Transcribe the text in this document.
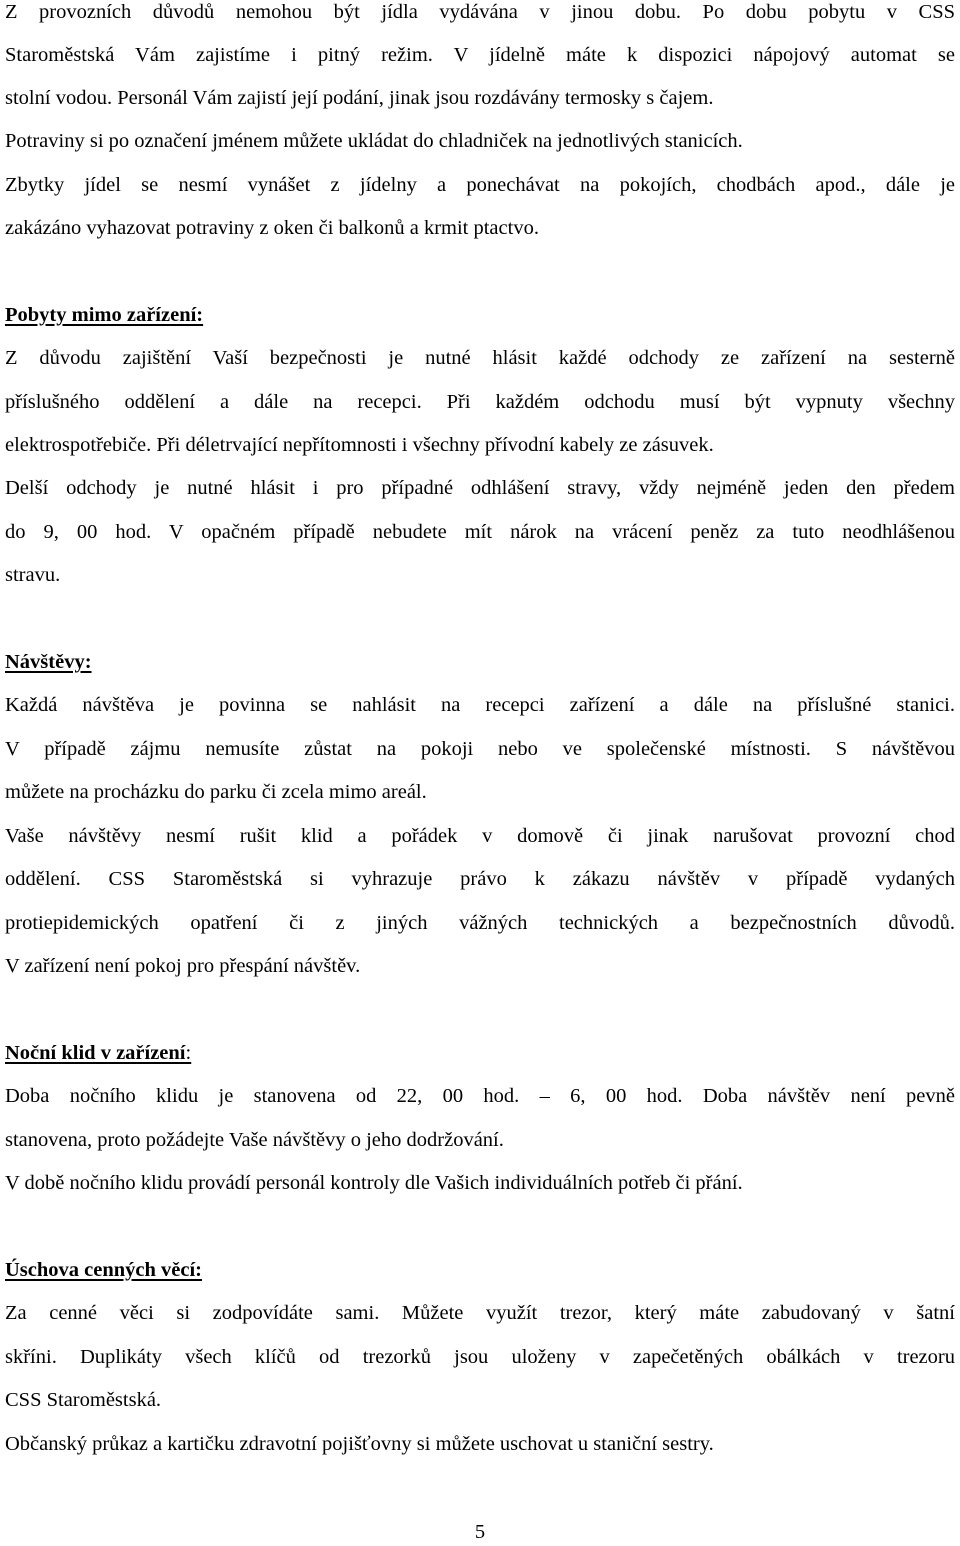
Z provozních důvodů nemohou být jídla vydávána v jinou dobu. Po dobu pobytu v CSS
Staroměstská Vám zajistíme i pitný režim. V jídelně máte k dispozici nápojový automat se
stolní vodou. Personál Vám zajistí její podání, jinak jsou rozdávány termosky s čajem.
Potraviny si po označení jménem můžete ukládat do chladniček na jednotlivých stanicích.
Zbytky jídel se nesmí vynášet z jídelny a ponechávat na pokojích, chodbách apod., dále je
zakázáno vyhazovat potraviny z oken či balkonů a krmit ptactvo.
Pobyty mimo zařízení:
Z důvodu zajištění Vaší bezpečnosti je nutné hlásit každé odchody ze zařízení na sesterně
příslušného oddělení a dále na recepci. Při každém odchodu musí být vypnuty všechny
elektrospotřebiče. Při déletrvající nepřítomnosti i všechny přívodní kabely ze zásuvek.
Delší odchody je nutné hlásit i pro případné odhlášení stravy, vždy nejméně jeden den předem
do 9, 00 hod. V opačném případě nebudete mít nárok na vrácení peněz za tuto neodhlášenou
stravu.
Návštěvy:
Každá návštěva je povinna se nahlásit na recepci zařízení a dále na příslušné stanici.
V případě zájmu nemusíte zůstat na pokoji nebo ve společenské místnosti. S návštěvou
můžete na procházku do parku či zcela mimo areál.
Vaše návštěvy nesmí rušit klid a pořádek v domově či jinak narušovat provozní chod
oddělení. CSS Staroměstská si vyhrazuje právo k zákazu návštěv v případě vydaných
protiepidemických opatření či z jiných vážných technických a bezpečnostních důvodů.
V zařízení není pokoj pro přespání návštěv.
Noční klid v zařízení:
Doba nočního klidu je stanovena od 22, 00 hod. – 6, 00 hod. Doba návštěv není pevně
stanovena, proto požádejte Vaše návštěvy o jeho dodržování.
V době nočního klidu provádí personál kontroly dle Vašich individuálních potřeb či přání.
Úschova cenných věcí:
Za cenné věci si zodpovídáte sami. Můžete využít trezor, který máte zabudovaný v šatní
skříni. Duplikáty všech klíčů od trezorků jsou uloženy v zapečetěných obálkách v trezoru
CSS Staroměstská.
Občanský průkaz a kartičku zdravotní pojišťovny si můžete uschovat u staniční sestry.
5
